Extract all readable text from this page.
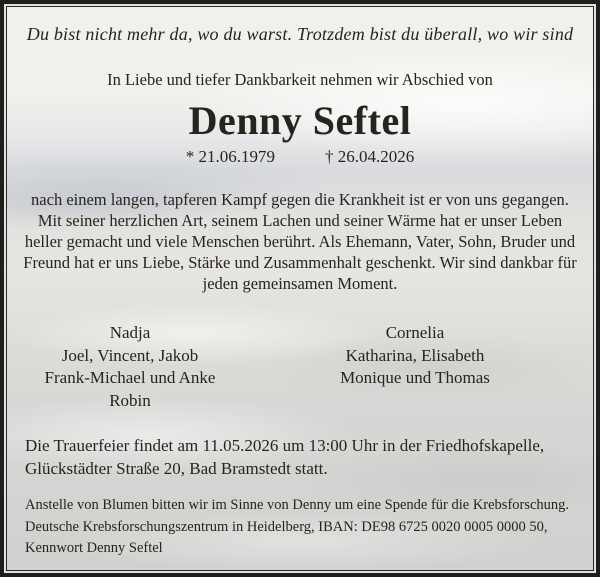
Du bist nicht mehr da, wo du warst. Trotzdem bist du überall, wo wir sind
In Liebe und tiefer Dankbarkeit nehmen wir Abschied von
Denny Seftel
* 21.06.1979	† 26.04.2026
nach einem langen, tapferen Kampf gegen die Krankheit ist er von uns gegangen. Mit seiner herzlichen Art, seinem Lachen und seiner Wärme hat er unser Leben heller gemacht und viele Menschen berührt. Als Ehemann, Vater, Sohn, Bruder und Freund hat er uns Liebe, Stärke und Zusammenhalt geschenkt. Wir sind dankbar für jeden gemeinsamen Moment.
Nadja
Joel, Vincent, Jakob
Frank-Michael und Anke
Robin
Cornelia
Katharina, Elisabeth
Monique und Thomas
Die Trauerfeier findet am 11.05.2026 um 13:00 Uhr in der Friedhofskapelle,
Glückstädter Straße 20, Bad Bramstedt statt.
Anstelle von Blumen bitten wir im Sinne von Denny um eine Spende für die Krebsforschung.
Deutsche Krebsforschungszentrum in Heidelberg, IBAN: DE98 6725 0020 0005 0000 50,
Kennwort Denny Seftel
